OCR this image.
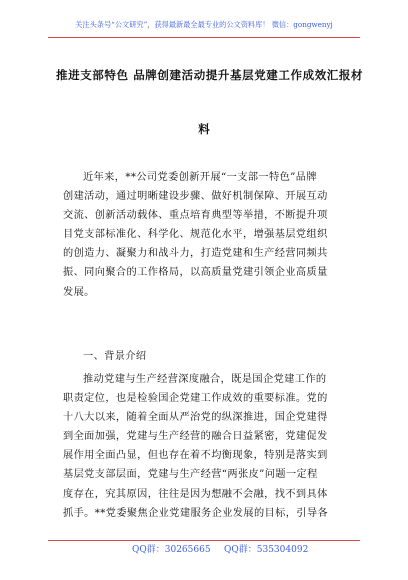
关注头条号“公文研究”，获得最新最全最专业的公文资料库！ 微信：gongwenyj
推进支部特色 品牌创建活动提升基层党建工作成效汇报材
料
近年来，**公司党委创新开展“一支部一特色”品牌
创建活动，通过明晰建设步骤、做好机制保障、开展互动
交流、创新活动载体、重点培育典型等举措，不断提升项
目党支部标准化、科学化、规范化水平，增强基层党组织
的创造力、凝聚力和战斗力，打造党建和生产经营同频共
振、同向聚合的工作格局，以高质量党建引领企业高质量
发展。
一、背景介绍
推动党建与生产经营深度融合，既是国企党建工作的
职责定位，也是检验国企党建工作成效的重要标准。党的
十八大以来，随着全面从严治党的纵深推进，国企党建得
到全面加强，党建与生产经营的融合日益紧密，党建促发
展作用全面凸显，但也存在着不均衡现象，特别是落实到
基层党支部层面，党建与生产经营“两张皮”问题一定程
度存在，究其原因，往往是因为想融不会融，找不到具体
抓手。**党委聚焦企业党建服务企业发展的目标，引导各
QQ群：30265665 QQ群：535304092
